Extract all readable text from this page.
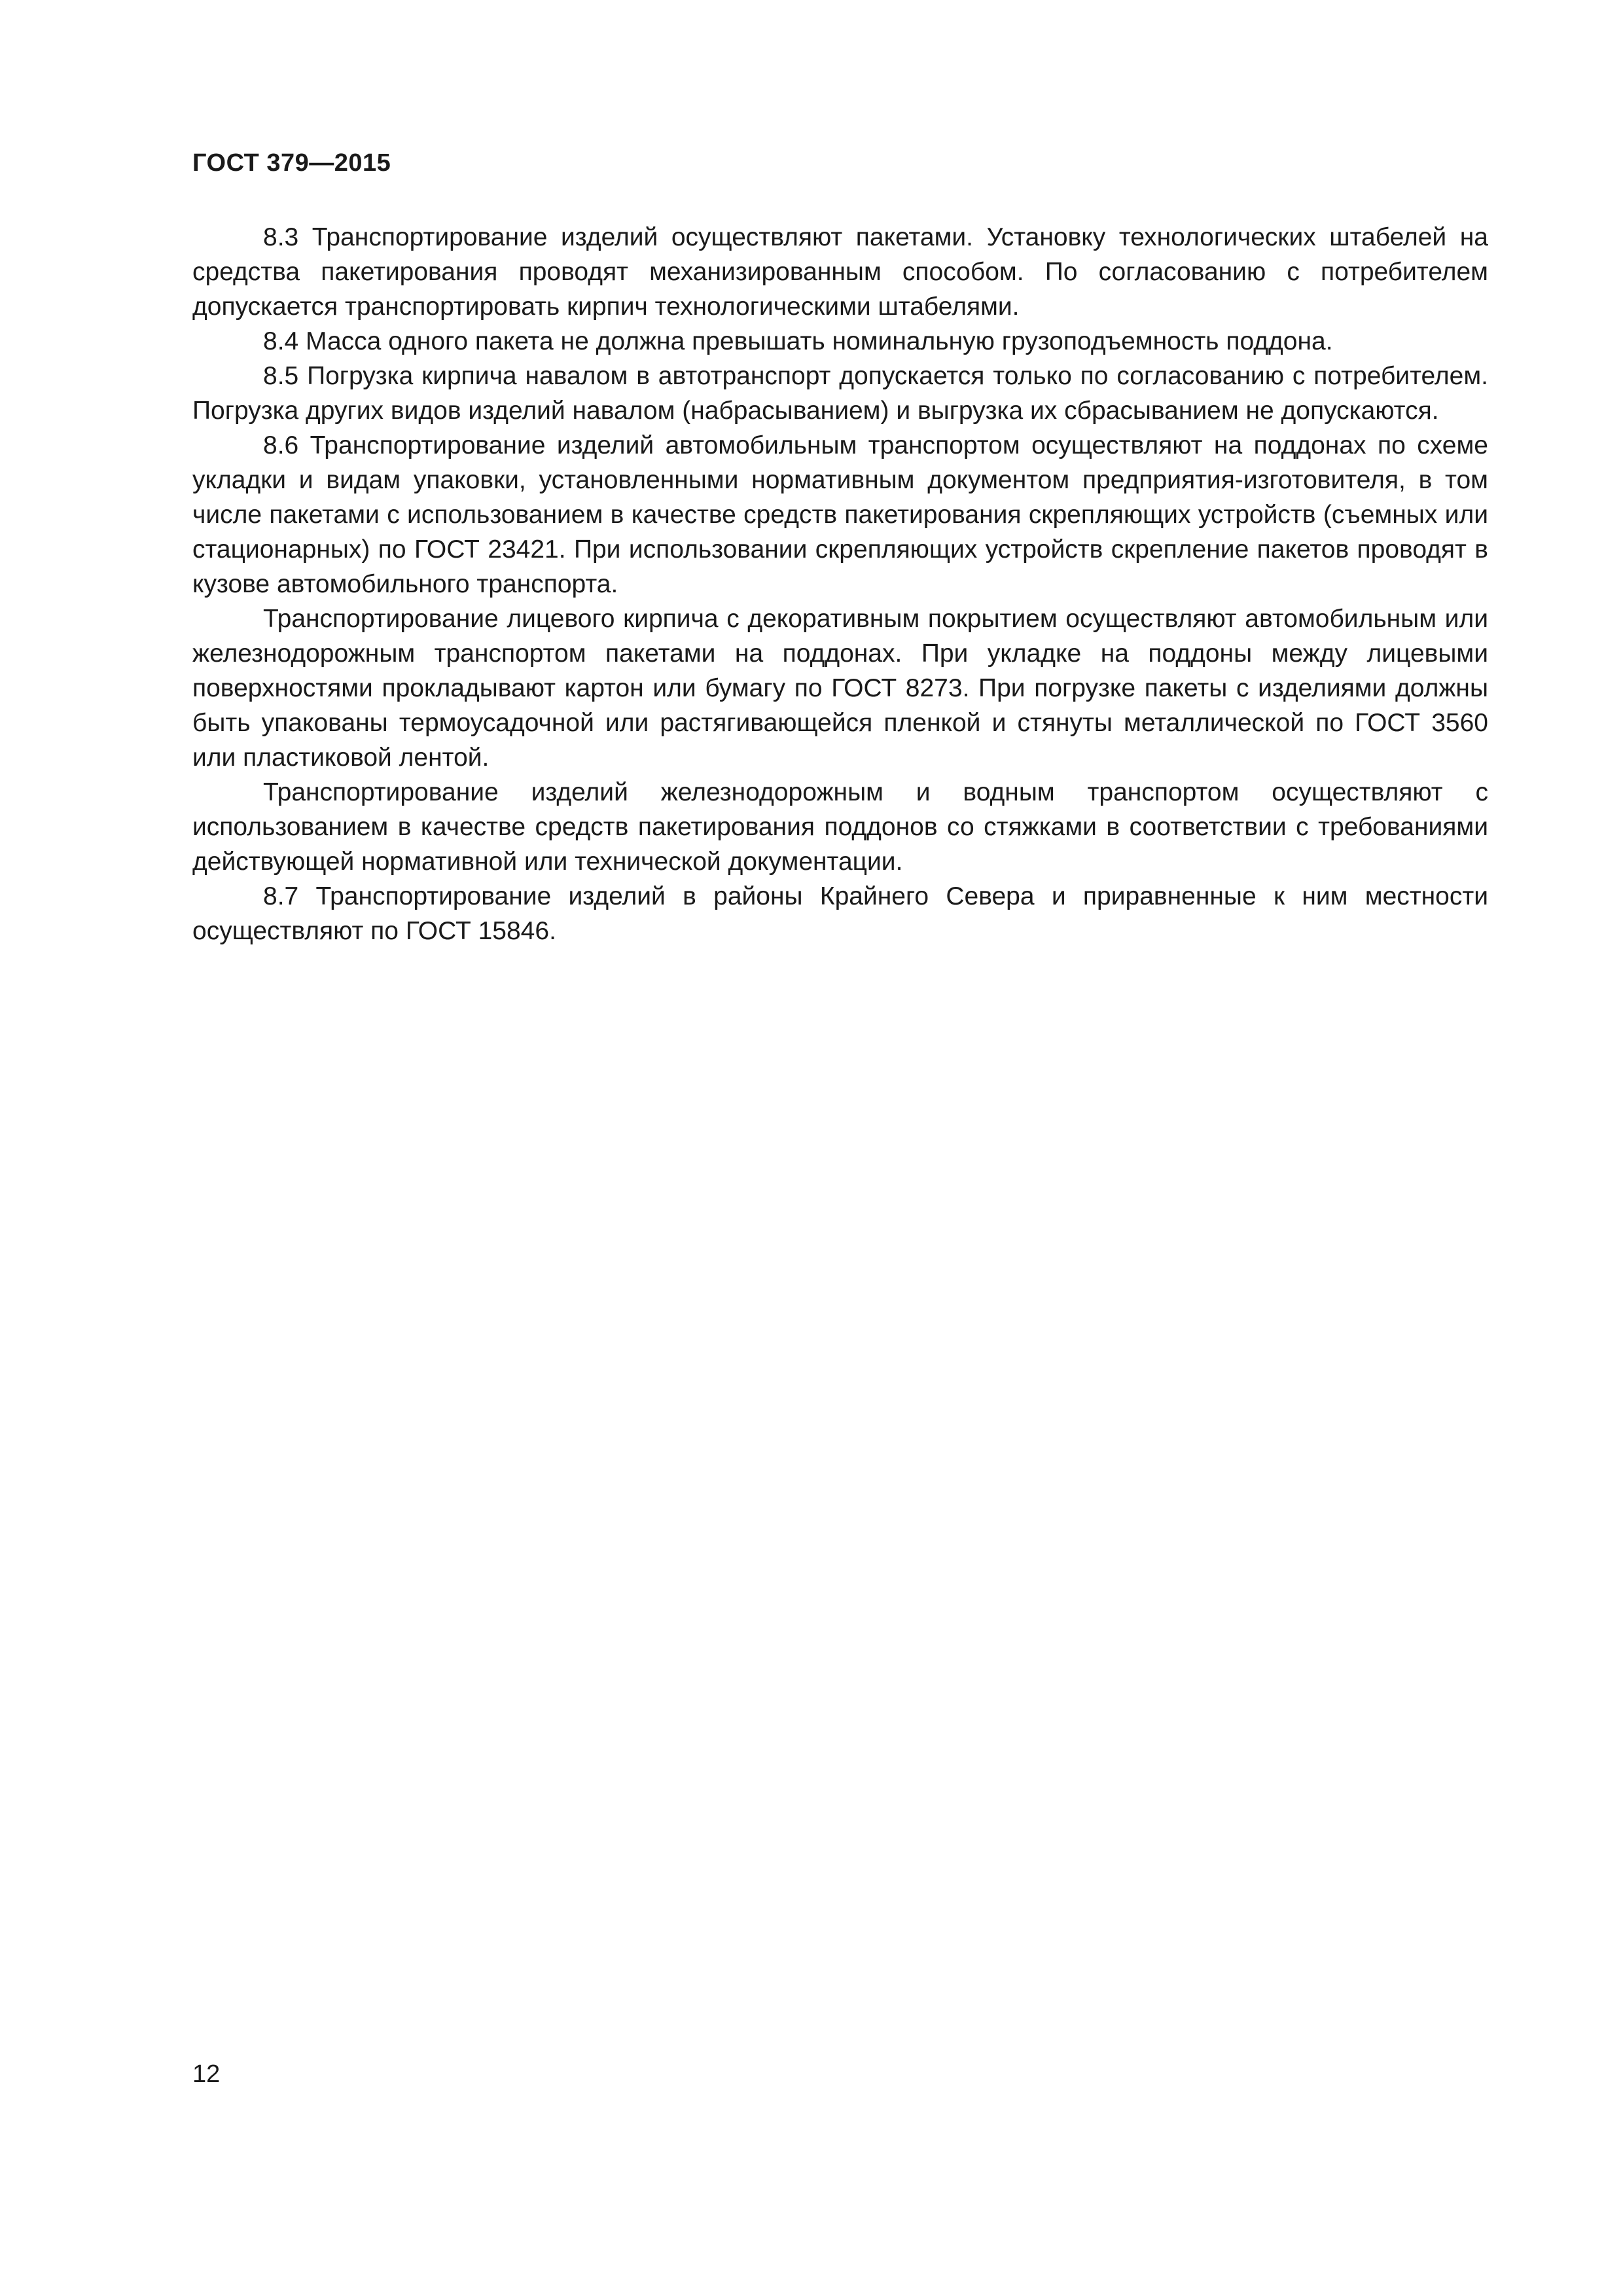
ГОСТ 379—2015

8.3 Транспортирование изделий осуществляют пакетами. Установку технологических штабелей на средства пакетирования проводят механизированным способом. По согласованию с потребителем допускается транспортировать кирпич технологическими штабелями.

8.4 Масса одного пакета не должна превышать номинальную грузоподъемность поддона.

8.5 Погрузка кирпича навалом в автотранспорт допускается только по согласованию с потребителем. Погрузка других видов изделий навалом (набрасыванием) и выгрузка их сбрасыванием не допускаются.

8.6 Транспортирование изделий автомобильным транспортом осуществляют на поддонах по схеме укладки и видам упаковки, установленными нормативным документом предприятия-изготовителя, в том числе пакетами с использованием в качестве средств пакетирования скрепляющих устройств (съемных или стационарных) по ГОСТ 23421. При использовании скрепляющих устройств скрепление пакетов проводят в кузове автомобильного транспорта.

Транспортирование лицевого кирпича с декоративным покрытием осуществляют автомобильным или железнодорожным транспортом пакетами на поддонах. При укладке на поддоны между лицевыми поверхностями прокладывают картон или бумагу по ГОСТ 8273. При погрузке пакеты с изделиями должны быть упакованы термоусадочной или растягивающейся пленкой и стянуты металлической по ГОСТ 3560 или пластиковой лентой.

Транспортирование изделий железнодорожным и водным транспортом осуществляют с использованием в качестве средств пакетирования поддонов со стяжками в соответствии с требованиями действующей нормативной или технической документации.

8.7 Транспортирование изделий в районы Крайнего Севера и приравненные к ним местности осуществляют по ГОСТ 15846.

12
